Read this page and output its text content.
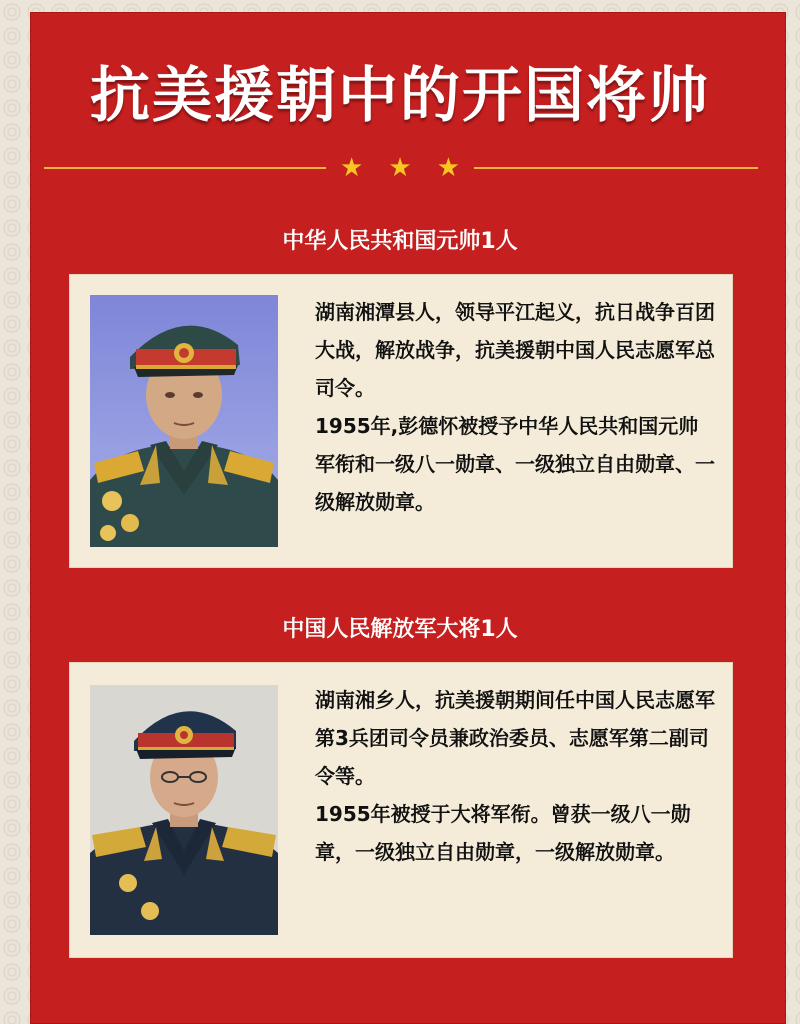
抗美援朝中的开国将帅
★ ★ ★
中华人民共和国元帅1人

湖南湘潭县人，领导平江起义，抗日战争百团大战，解放战争，抗美援朝中国人民志愿军总司令。

1955年,彭德怀被授予中华人民共和国元帅军衔和一级八一勋章、一级独立自由勋章、一级解放勋章。

中国人民解放军大将1人

湖南湘乡人，抗美援朝期间任中国人民志愿军第3兵团司令员兼政治委员、志愿军第二副司令等。

1955年被授于大将军衔。曾获一级八一勋章，一级独立自由勋章，一级解放勋章。
